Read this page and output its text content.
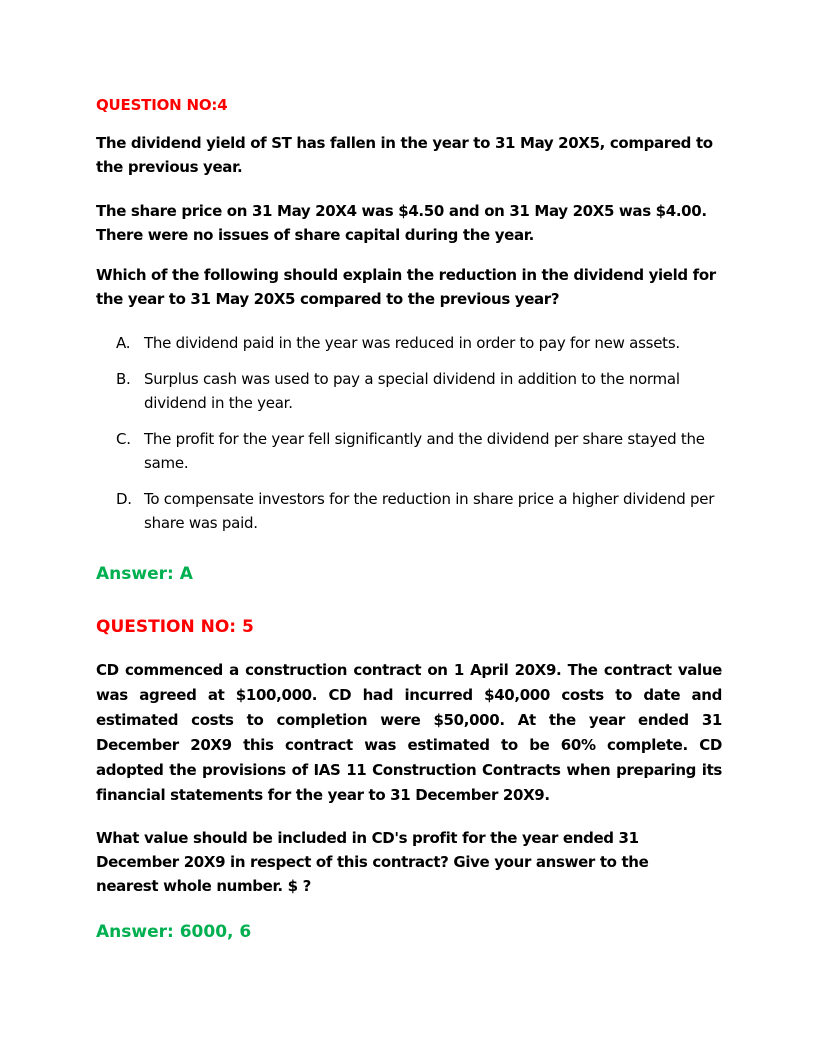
QUESTION NO:4

The dividend yield of ST has fallen in the year to 31 May 20X5, compared to the previous year.

The share price on 31 May 20X4 was $4.50 and on 31 May 20X5 was $4.00. There were no issues of share capital during the year.

Which of the following should explain the reduction in the dividend yield for the year to 31 May 20X5 compared to the previous year?

A. The dividend paid in the year was reduced in order to pay for new assets.
B. Surplus cash was used to pay a special dividend in addition to the normal dividend in the year.
C. The profit for the year fell significantly and the dividend per share stayed the same.
D. To compensate investors for the reduction in share price a higher dividend per share was paid.

Answer: A

QUESTION NO: 5

CD commenced a construction contract on 1 April 20X9. The contract value was agreed at $100,000. CD had incurred $40,000 costs to date and estimated costs to completion were $50,000. At the year ended 31 December 20X9 this contract was estimated to be 60% complete. CD adopted the provisions of IAS 11 Construction Contracts when preparing its financial statements for the year to 31 December 20X9.

What value should be included in CD's profit for the year ended 31 December 20X9 in respect of this contract? Give your answer to the nearest whole number. $ ?

Answer: 6000, 6
